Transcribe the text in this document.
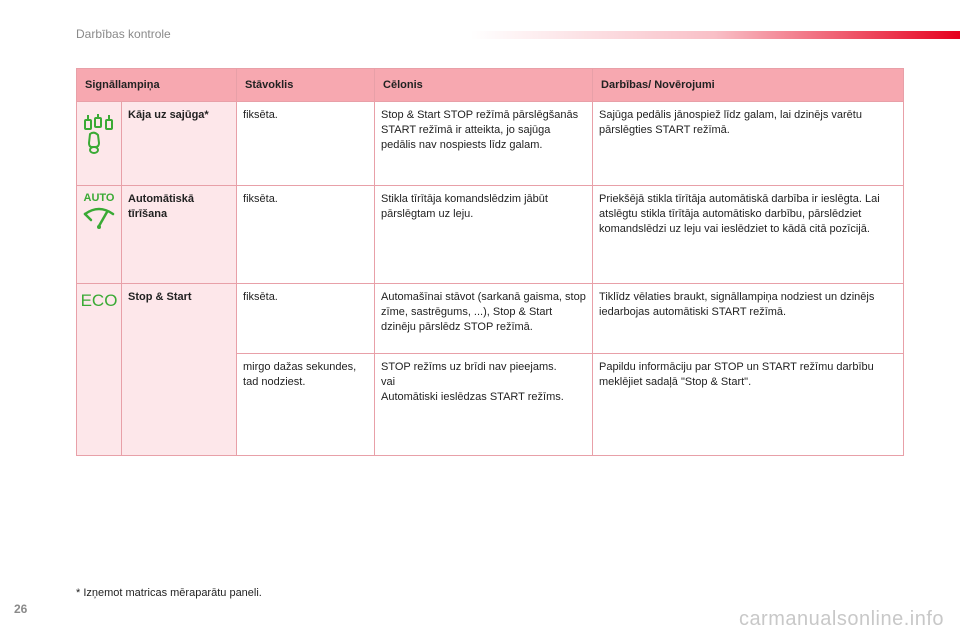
Darbības kontrole
Signāllampiņa		Stāvoklis	Cēlonis	Darbības/ Novērojumi

	Kāja uz sajūga*	fiksēta.	Stop & Start STOP režīmā pārslēgšanās START režīmā ir atteikta, jo sajūga pedālis nav nospiests līdz galam.	Sajūga pedālis jānospiež līdz galam, lai dzinējs varētu pārslēgties START režīmā.

AUTO	Automātiskā tīrīšana	fiksēta.	Stikla tīrītāja komandslēdzim jābūt pārslēgtam uz leju.	Priekšējā stikla tīrītāja automātiskā darbība ir ieslēgta. Lai atslēgtu stikla tīrītāja automātisko darbību, pārslēdziet komandslēdzi uz leju vai ieslēdziet to kādā citā pozīcijā.

ECO	Stop & Start	fiksēta.	Automašīnai stāvot (sarkanā gaisma, stop zīme, sastrēgums, ...), Stop & Start dzinēju pārslēdz STOP režīmā.	Tiklīdz vēlaties braukt, signāllampiņa nodziest un dzinējs iedarbojas automātiski START režīmā.
		mirgo dažas sekundes, tad nodziest.	STOP režīms uz brīdi nav pieejams.
vai
Automātiski ieslēdzas START režīms.	Papildu informāciju par STOP un START režīmu darbību meklējiet sadaļā "Stop & Start".
* Izņemot matricas mēraparātu paneli.
26	carmanualsonline.info
